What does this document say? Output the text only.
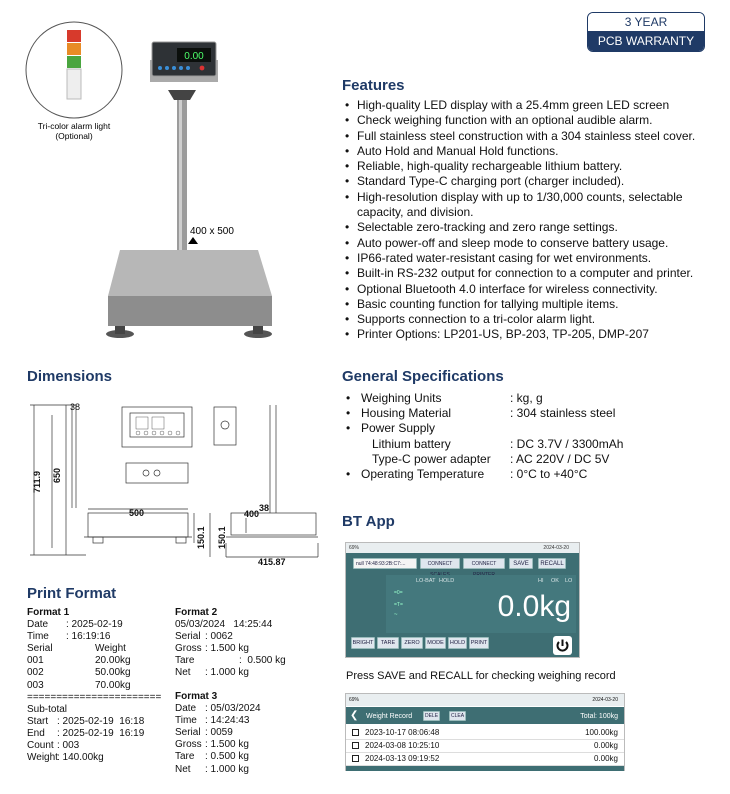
3 YEAR
PCB WARRANTY
Tri-color alarm light
(Optional)
0.00
400 x 500
Features
• High-quality LED display with a 25.4mm green LED screen
• Check weighing function with an optional audible alarm.
• Full stainless steel construction with a 304 stainless steel cover.
• Auto Hold and Manual Hold functions.
• Reliable, high-quality rechargeable lithium battery.
• Standard Type-C charging port (charger included).
• High-resolution display with up to 1/30,000 counts, selectable capacity, and division.
• Selectable zero-tracking and zero range settings.
• Auto power-off and sleep mode to conserve battery usage.
• IP66-rated water-resistant casing for wet environments.
• Built-in RS-232 output for connection to a computer and printer.
• Optional Bluetooth 4.0 interface for wireless connectivity.
• Basic counting function for tallying multiple items.
• Supports connection to a tri-color alarm light.
• Printer Options: LP201-US, BP-203, TP-205, DMP-207
Dimensions
38
711.9 650
500
150.1
400
38
150.1
415.87
General Specifications
• Weighing Units	: kg, g
• Housing Material	: 304 stainless steel
• Power Supply
Lithium battery	: DC 3.7V / 3300mAh
Type-C power adapter	: AC 220V / DC 5V
• Operating Temperature	: 0°C to +40°C
Print Format
Format 1
Date	: 2025-02-19
Time	: 16:19:16
Serial	Weight
001	20.00kg
002	50.00kg
003	70.00kg
=======================
Sub-total
Start : 2025-02-19  16:18
End	: 2025-02-19  16:19
Count : 003
Weight : 140.00kg
Format 2
05/03/2024   14:25:44
Serial : 0062
Gross : 1.500 kg
Tare	:  0.500 kg
Net	: 1.000 kg
Format 3
Date : 05/03/2024
Time : 14:24:43
Serial : 0059
Gross : 1.500 kg
Tare	: 0.500 kg
Net	: 1.000 kg
BT App
69%	2024-03-20
null 74:48:93:2B:C7:...	CONNECT	CONNECT	SAVE	RECALL
LO-BAT HOLD	HI OK LO
=0=
=T=
~	0.0kg
BRIGHT	TARE	ZERO	MODE	HOLD	PRINT
Press SAVE and RECALL for checking weighing record
69%	2024-03-20
❮ Weight Record	DELE	CLEA	Total: 100kg
2023-10-17 08:06:48	100.00kg
2024-03-08 10:25:10	0.00kg
2024-03-13 09:19:52	0.00kg
